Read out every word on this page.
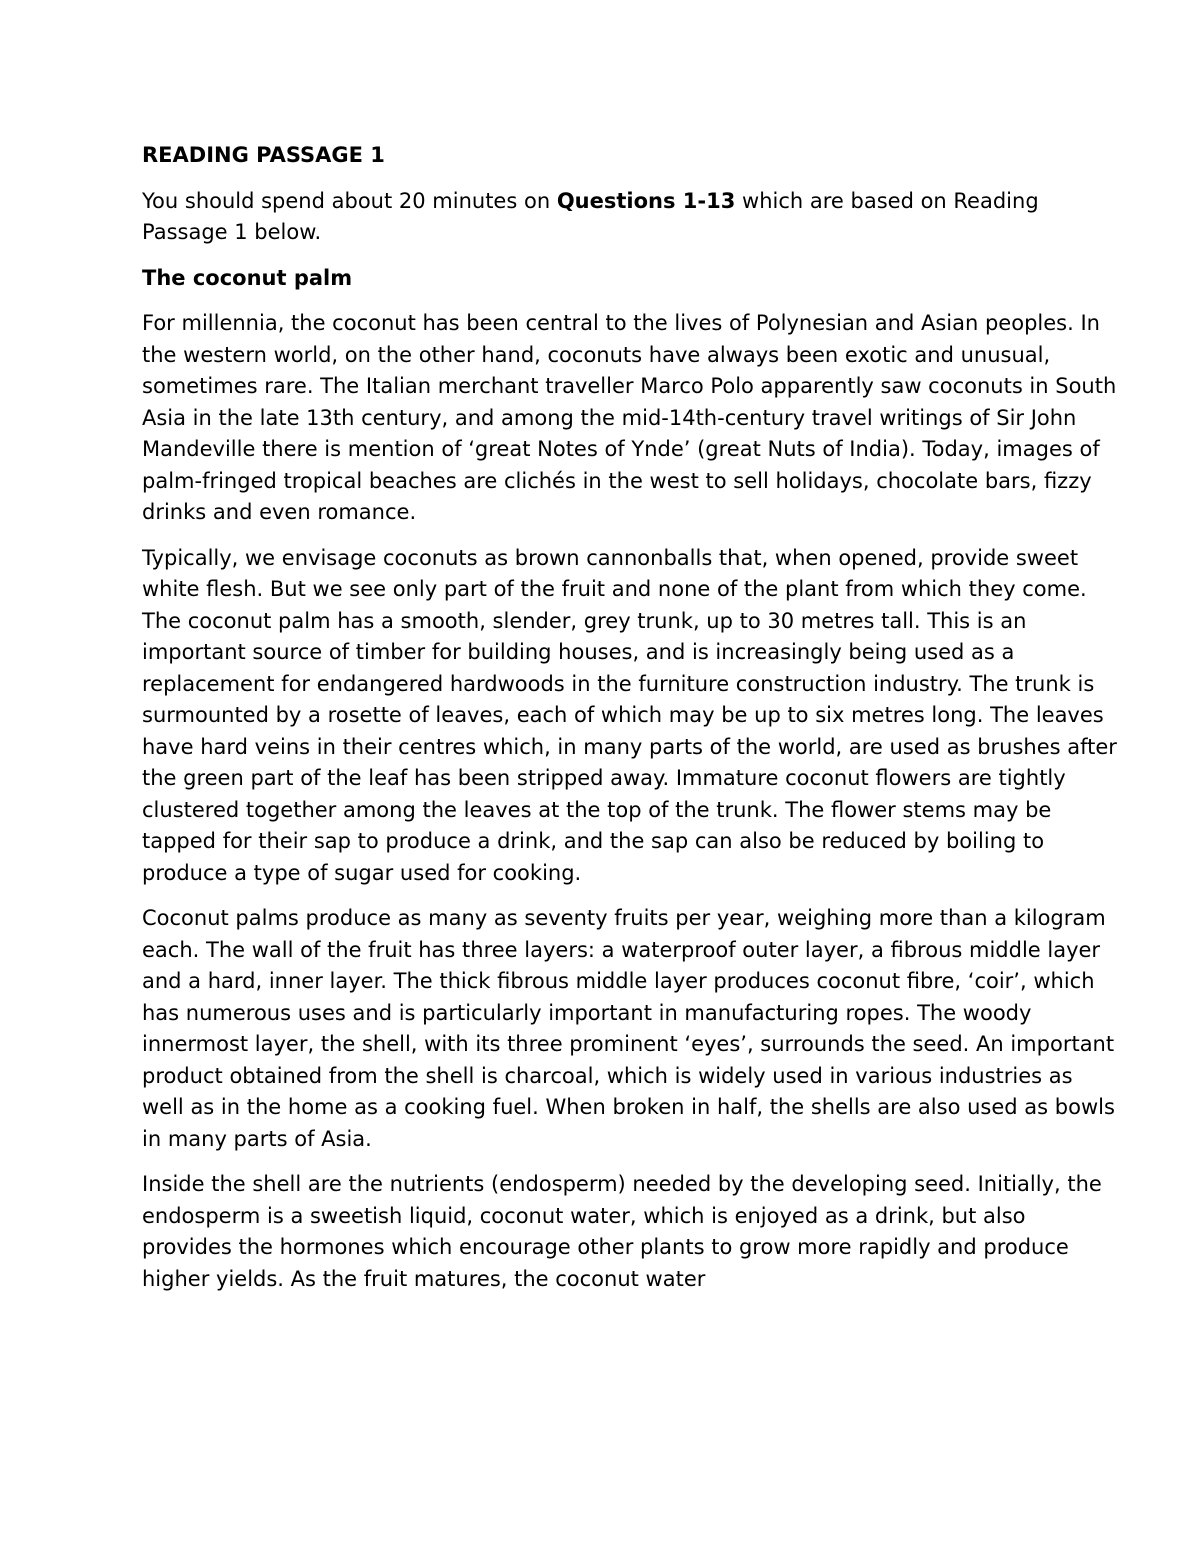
READING PASSAGE 1
You should spend about 20 minutes on Questions 1-13 which are based on Reading Passage 1 below.
The coconut palm
For millennia, the coconut has been central to the lives of Polynesian and Asian peoples. In the western world, on the other hand, coconuts have always been exotic and unusual, sometimes rare. The Italian merchant traveller Marco Polo apparently saw coconuts in South Asia in the late 13th century, and among the mid-14th-century travel writings of Sir John Mandeville there is mention of ‘great Notes of Ynde’ (great Nuts of India). Today, images of palm-fringed tropical beaches are clichés in the west to sell holidays, chocolate bars, fizzy drinks and even romance.
Typically, we envisage coconuts as brown cannonballs that, when opened, provide sweet white flesh. But we see only part of the fruit and none of the plant from which they come. The coconut palm has a smooth, slender, grey trunk, up to 30 metres tall. This is an important source of timber for building houses, and is increasingly being used as a replacement for endangered hardwoods in the furniture construction industry. The trunk is surmounted by a rosette of leaves, each of which may be up to six metres long. The leaves have hard veins in their centres which, in many parts of the world, are used as brushes after the green part of the leaf has been stripped away. Immature coconut flowers are tightly clustered together among the leaves at the top of the trunk. The flower stems may be tapped for their sap to produce a drink, and the sap can also be reduced by boiling to produce a type of sugar used for cooking.
Coconut palms produce as many as seventy fruits per year, weighing more than a kilogram each. The wall of the fruit has three layers: a waterproof outer layer, a fibrous middle layer and a hard, inner layer. The thick fibrous middle layer produces coconut fibre, ‘coir’, which has numerous uses and is particularly important in manufacturing ropes. The woody innermost layer, the shell, with its three prominent ‘eyes’, surrounds the seed. An important product obtained from the shell is charcoal, which is widely used in various industries as well as in the home as a cooking fuel. When broken in half, the shells are also used as bowls in many parts of Asia.
Inside the shell are the nutrients (endosperm) needed by the developing seed. Initially, the endosperm is a sweetish liquid, coconut water, which is enjoyed as a drink, but also provides the hormones which encourage other plants to grow more rapidly and produce higher yields. As the fruit matures, the coconut water
